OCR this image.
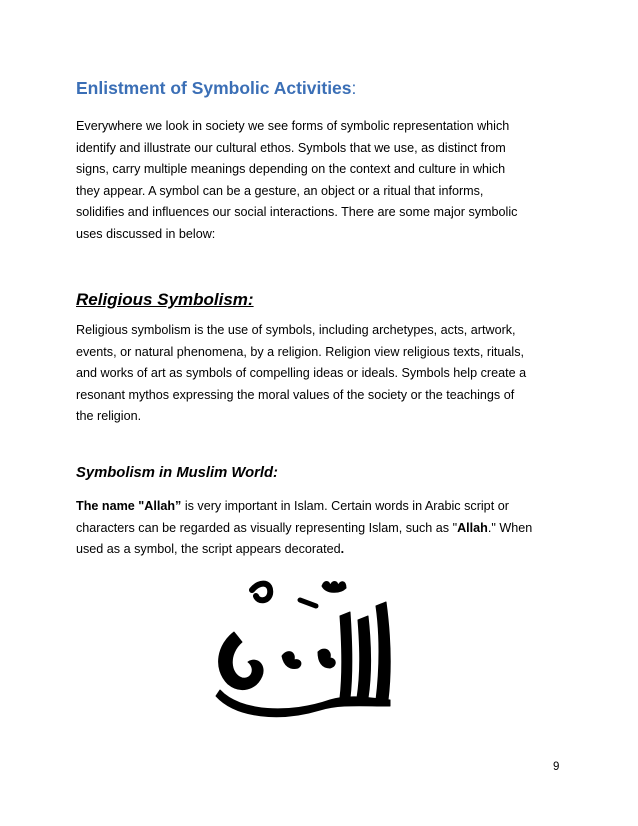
Enlistment of Symbolic Activities:

Everywhere we look in society we see forms of symbolic representation which
identify and illustrate our cultural ethos. Symbols that we use, as distinct from
signs, carry multiple meanings depending on the context and culture in which
they appear. A symbol can be a gesture, an object or a ritual that informs,
solidifies and influences our social interactions. There are some major symbolic
uses discussed in below:

Religious Symbolism:

Religious symbolism is the use of symbols, including archetypes, acts, artwork,
events, or natural phenomena, by a religion. Religion view religious texts, rituals,
and works of art as symbols of compelling ideas or ideals. Symbols help create a
resonant mythos expressing the moral values of the society or the teachings of
the religion.

Symbolism in Muslim World:

The name "Allah” is very important in Islam. Certain words in Arabic script or
characters can be regarded as visually representing Islam, such as "Allah." When
used as a symbol, the script appears decorated.

9
